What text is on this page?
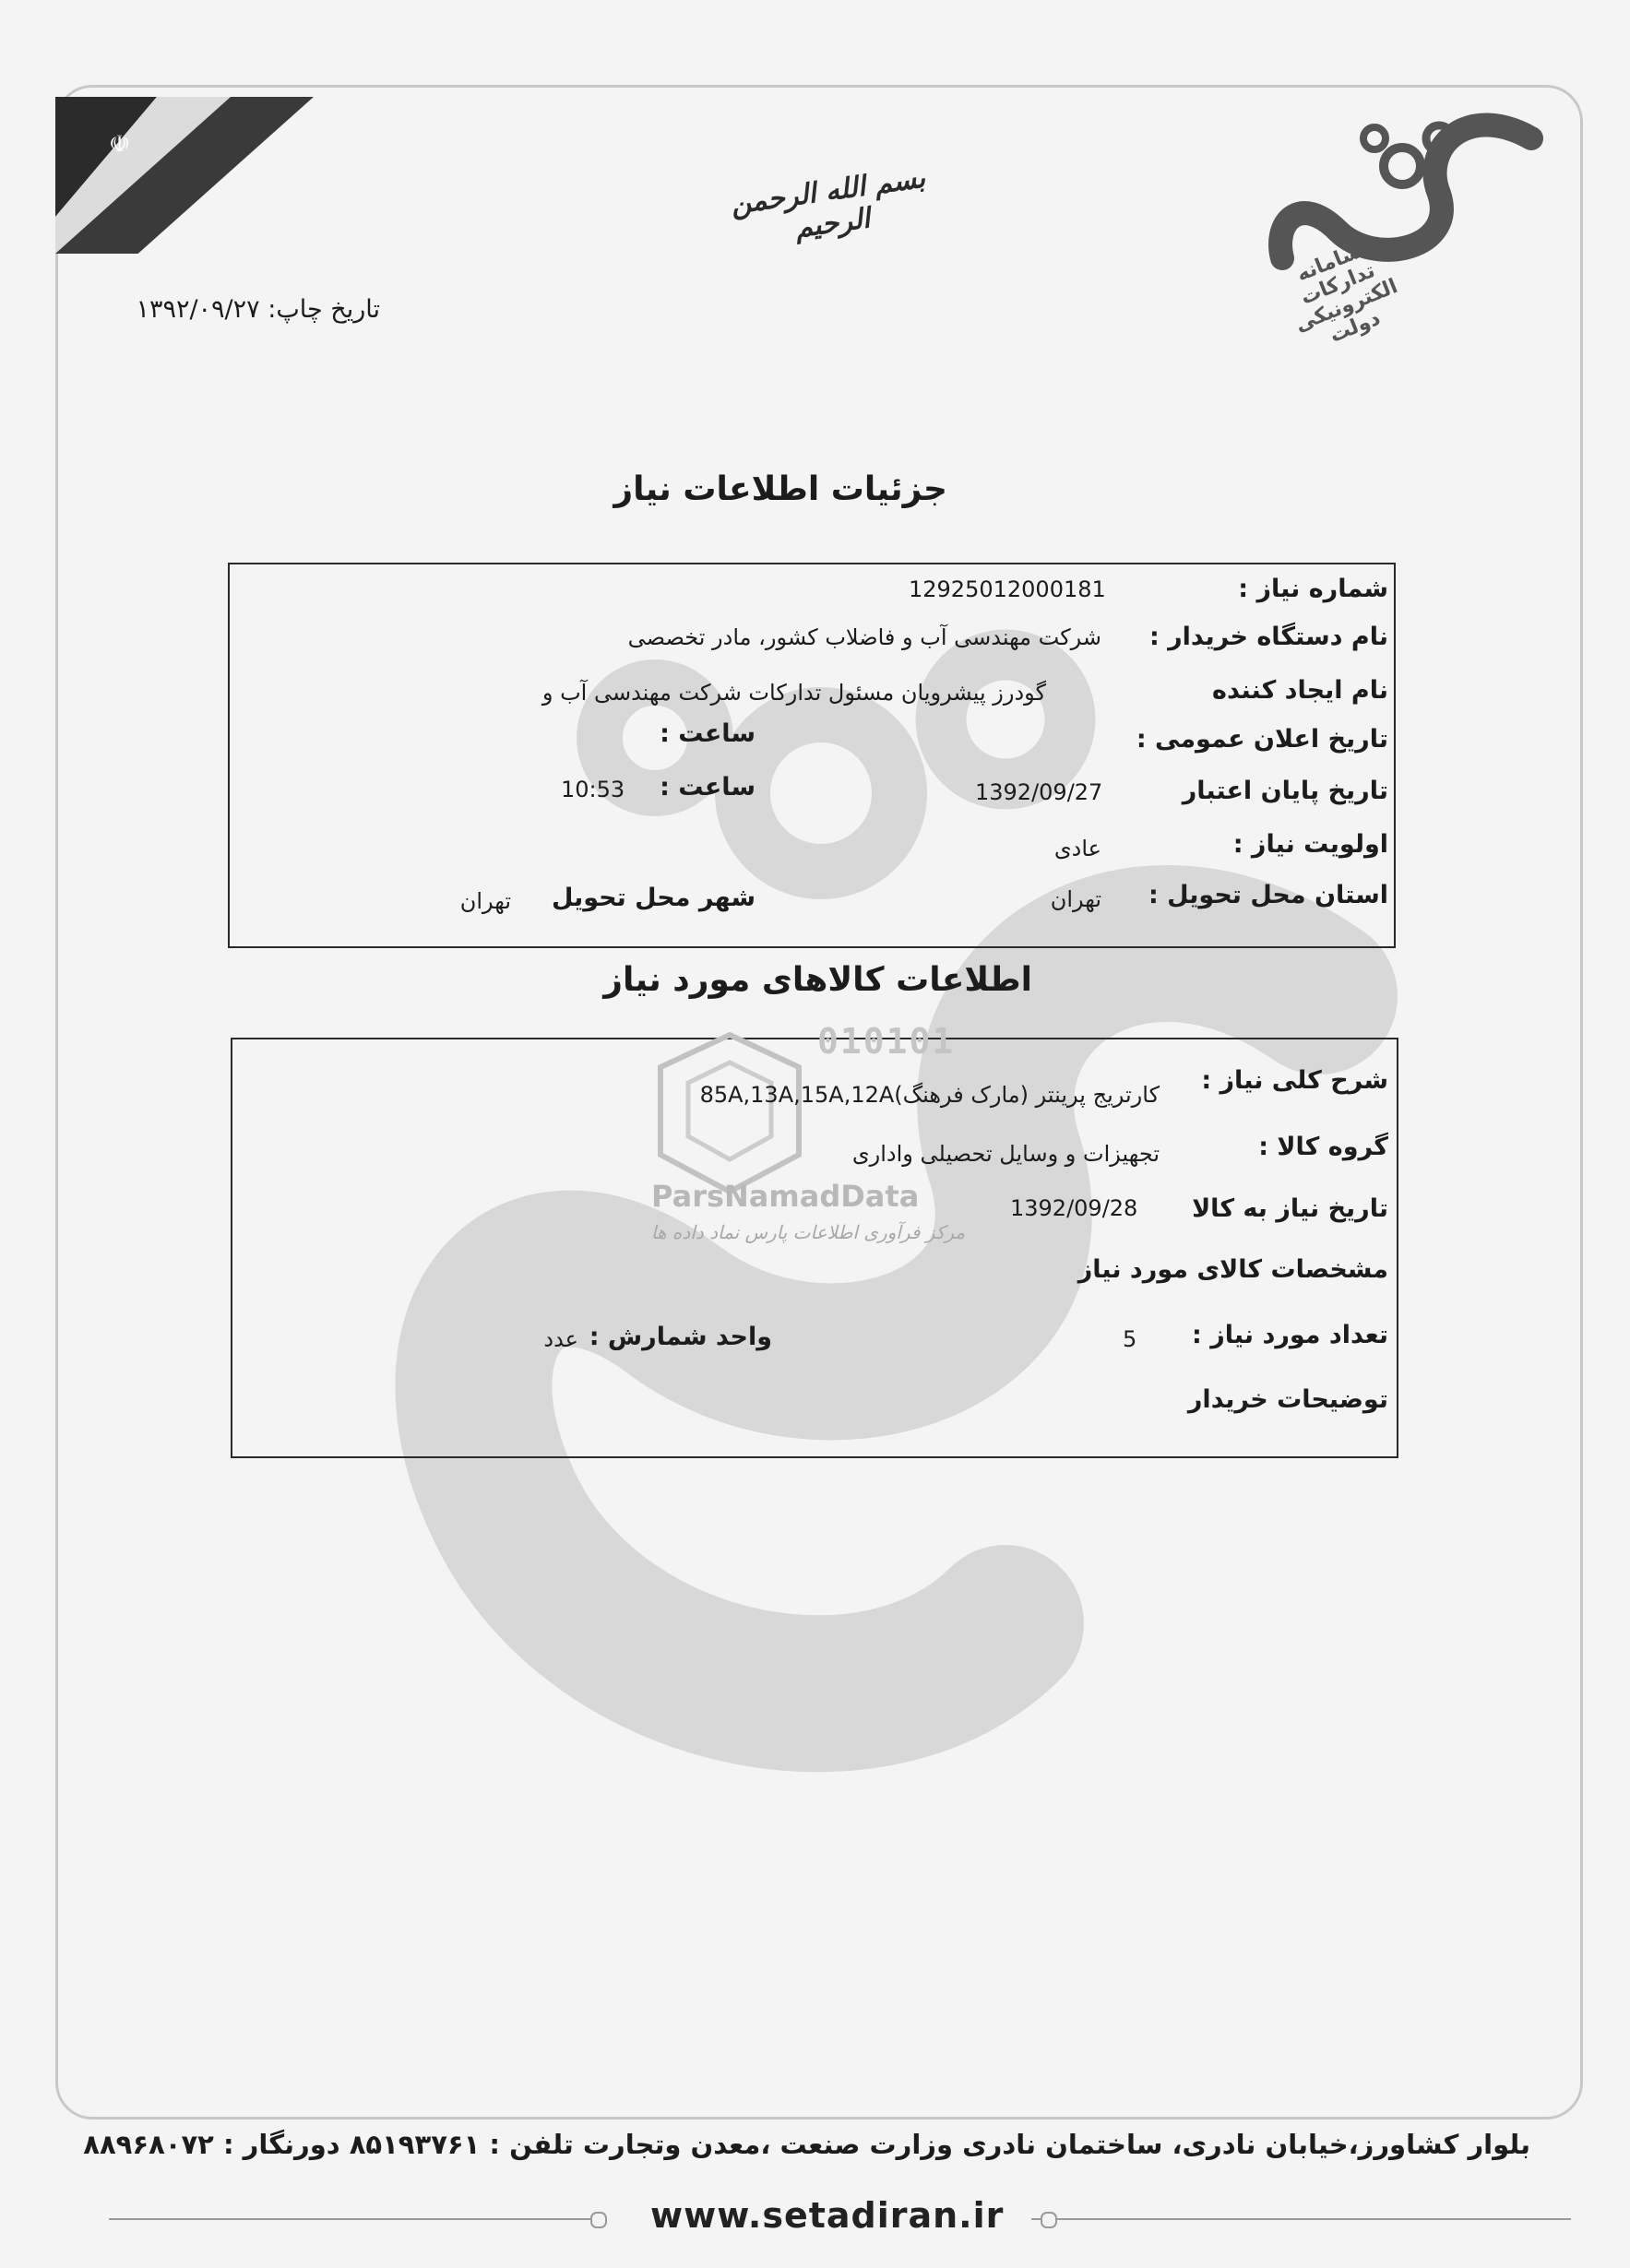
☫
سامانه تدارکات الکترونیکی دولت
بسم الله الرحمن الرحیم
تاریخ چاپ: ۱۳۹۲/۰۹/۲۷
جزئیات اطلاعات نیاز
شماره نیاز :
12925012000181
نام دستگاه خریدار :
شرکت مهندسی آب و فاضلاب کشور، مادر تخصصی
نام ایجاد کننده
گودرز پیشرویان مسئول تدارکات شرکت مهندسی آب و
تاریخ اعلان عمومی :
ساعت :
تاریخ پایان اعتبار
1392/09/27
ساعت :
10:53
اولویت نیاز :
عادی
استان محل تحویل :
تهران
شهر محل تحویل
تهران
اطلاعات کالاهای مورد نیاز
010101
ParsNamadData
مرکز فرآوری اطلاعات پارس نماد داده ها
شرح کلی نیاز :
کارتریج پرینتر (مارک فرهنگ)85A,13A,15A,12A
گروه کالا :
تجهیزات و وسایل تحصیلی واداری
تاریخ نیاز به کالا
1392/09/28
مشخصات کالای مورد نیاز
تعداد مورد نیاز :
5
واحد شمارش :
عدد
توضیحات خریدار
بلوار کشاورز،خیابان نادری، ساختمان نادری وزارت صنعت ،معدن وتجارت تلفن : ۸۵۱۹۳۷۶۱ دورنگار : ۸۸۹۶۸۰۷۲
www.setadiran.ir
